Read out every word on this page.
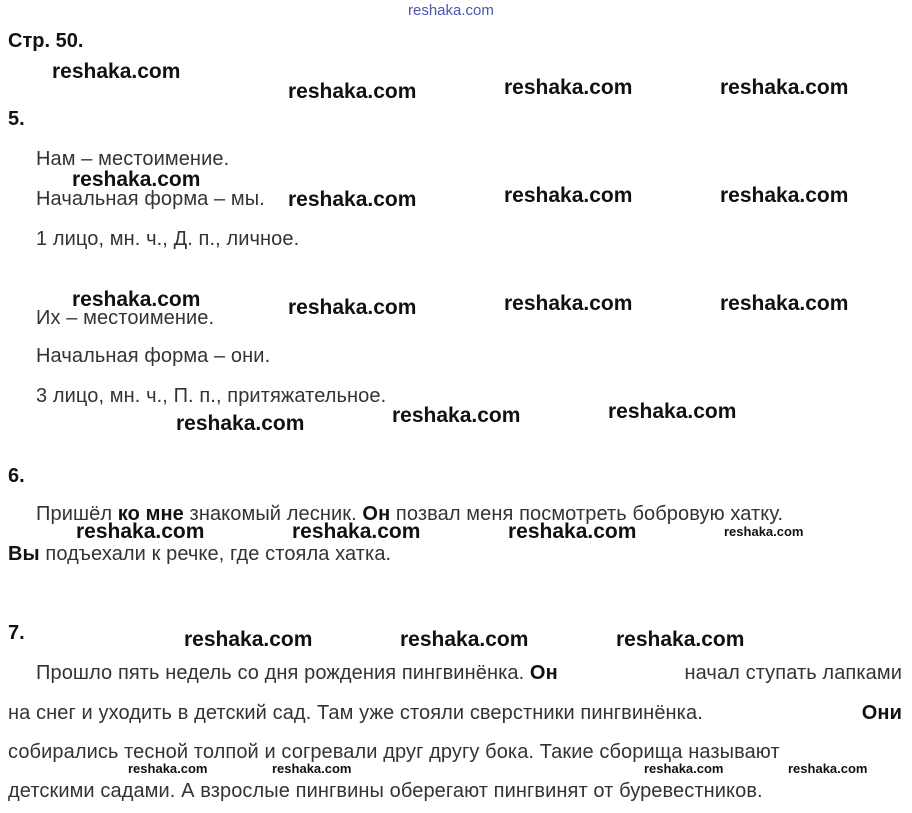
reshaka.com
Стр. 50.
5.
Нам – местоимение.
Начальная форма – мы.
1 лицо, мн. ч., Д. п., личное.
Их – местоимение.
Начальная форма – они.
3 лицо, мн. ч., П. п., притяжательное.
6.
Пришёл ко мне знакомый лесник. Он позвал меня посмотреть бобровую хатку.
Вы подъехали к речке, где стояла хатка.
7.
Прошло пять недель со дня рождения пингвинёнка. Он	начал ступать лапками
на снег и уходить в детский сад. Там уже стояли сверстники пингвинёнка.	Они
собирались тесной толпой и согревали друг другу бока. Такие сборища называют
детскими садами. А взрослые пингвины оберегают пингвинят от буревестников.
reshaka.com
reshaka.com	reshaka.com	reshaka.com
reshaka.com
reshaka.com	reshaka.com	reshaka.com
reshaka.com	reshaka.com	reshaka.com	reshaka.com
reshaka.com	reshaka.com	reshaka.com
reshaka.com	reshaka.com	reshaka.com	reshaka.com
reshaka.com	reshaka.com	reshaka.com
reshaka.com	reshaka.com	reshaka.com	reshaka.com
